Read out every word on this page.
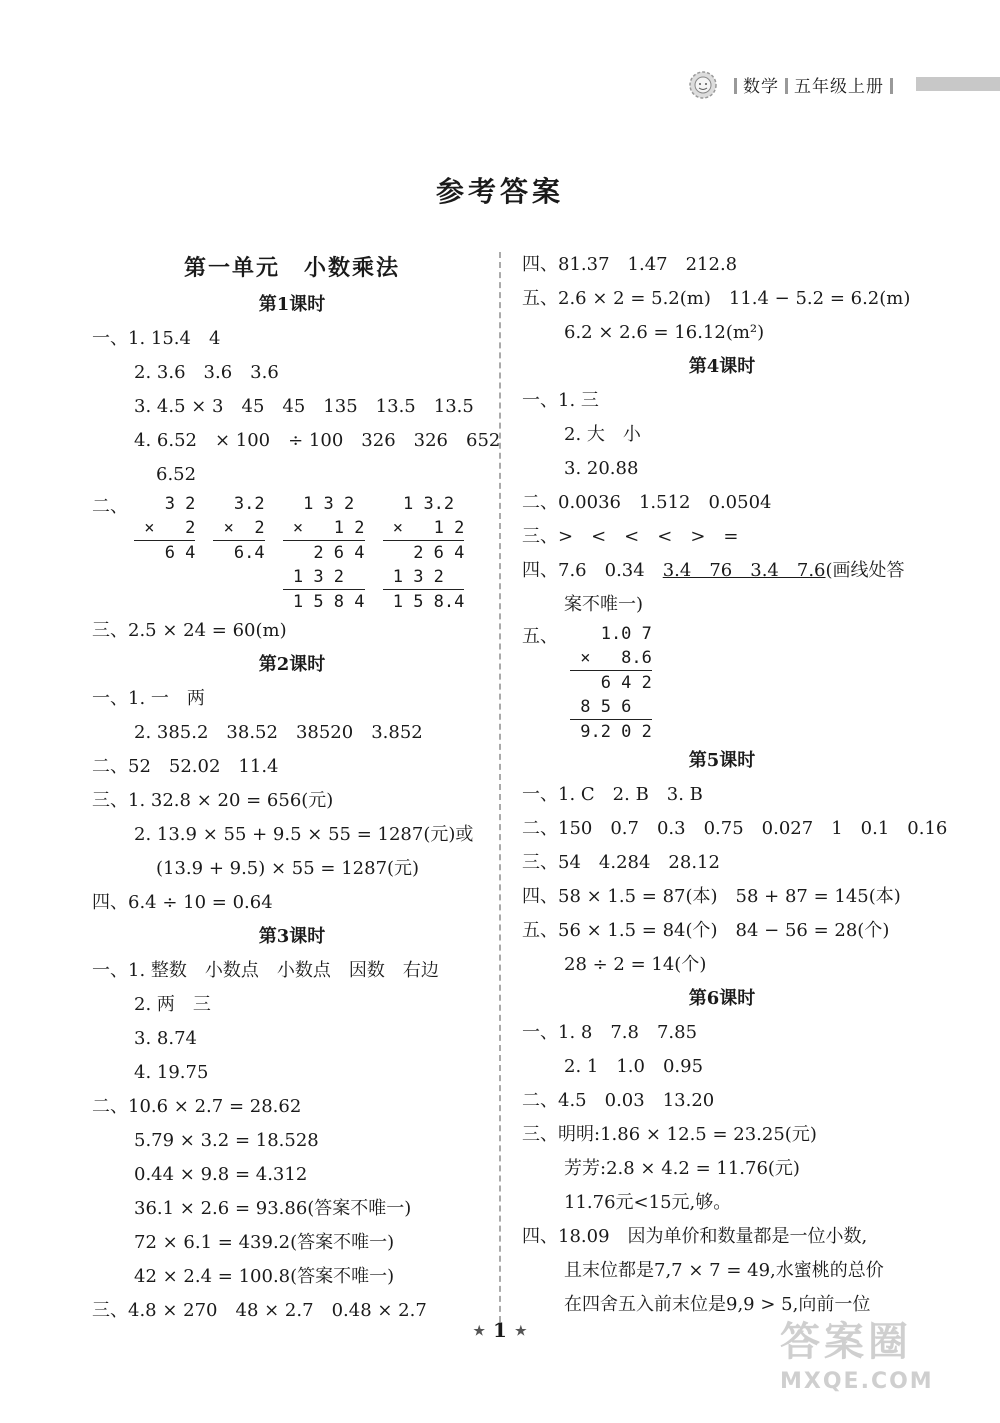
数学 五年级上册
参考答案
第一单元　小数乘法
第1课时
一、1. 15.4　4
2. 3.6　3.6　3.6
3. 4.5 × 3　45　45　135　13.5　13.5
4. 6.52　× 100　÷ 100　326　326　652
6.52
二、 3 2
×   2
6 4
3.2
×  2
6.4
1 3 2
×   1 2
2 6 4
1 3 2
1 5 8 4
1 3.2
×   1 2
2 6 4
1 3 2
1 5 8.4
三、2.5 × 24 = 60(m)
第2课时
一、1. 一　两
2. 385.2　38.52　38520　3.852
二、52　52.02　11.4
三、1. 32.8 × 20 = 656(元)
2. 13.9 × 55 + 9.5 × 55 = 1287(元)或
(13.9 + 9.5) × 55 = 1287(元)
四、6.4 ÷ 10 = 0.64
第3课时
一、1. 整数　小数点　小数点　因数　右边
2. 两　三
3. 8.74
4. 19.75
二、10.6 × 2.7 = 28.62
5.79 × 3.2 = 18.528
0.44 × 9.8 = 4.312
36.1 × 2.6 = 93.86(答案不唯一)
72 × 6.1 = 439.2(答案不唯一)
42 × 2.4 = 100.8(答案不唯一)
三、4.8 × 270　48 × 2.7　0.48 × 2.7
四、81.37　1.47　212.8
五、2.6 × 2 = 5.2(m)　11.4 − 5.2 = 6.2(m)
6.2 × 2.6 = 16.12(m²)
第4课时
一、1. 三
2. 大　小
3. 20.88
二、0.0036　1.512　0.0504
三、>　<　<　<　>　=
四、7.6　0.34　3.4　76　3.4　7.6(画线处答
案不唯一)
五、 1.0 7
×   8.6
6 4 2
8 5 6
9.2 0 2
第5课时
一、1. C　2. B　3. B
二、150　0.7　0.3　0.75　0.027　1　0.1　0.16
三、54　4.284　28.12
四、58 × 1.5 = 87(本)　58 + 87 = 145(本)
五、56 × 1.5 = 84(个)　84 − 56 = 28(个)
28 ÷ 2 = 14(个)
第6课时
一、1. 8　7.8　7.85
2. 1　1.0　0.95
二、4.5　0.03　13.20
三、明明:1.86 × 12.5 = 23.25(元)
芳芳:2.8 × 4.2 = 11.76(元)
11.76元<15元,够。
四、18.09　因为单价和数量都是一位小数,
且末位都是7,7 × 7 = 49,水蜜桃的总价
在四舍五入前末位是9,9 > 5,向前一位
★ 1 ★	答案圈
MXQE.COM
